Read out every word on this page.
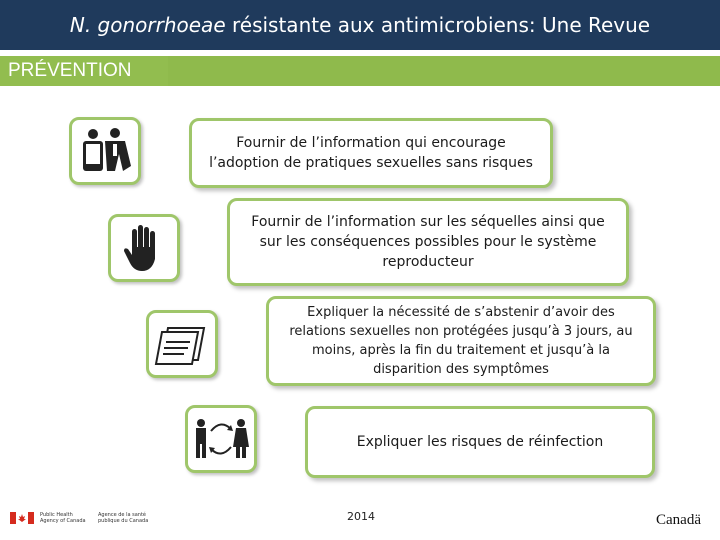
N. gonorrhoeae résistante aux antimicrobiens: Une Revue
PRÉVENTION
Fournir de l’information qui encourage l’adoption de pratiques sexuelles sans risques
Fournir de l’information sur les séquelles ainsi que sur les conséquences possibles pour le système reproducteur
Expliquer la nécessité de s’abstenir d’avoir des relations sexuelles non protégées jusqu’à 3 jours, au moins, après la fin du traitement et jusqu’à la disparition des symptômes
Expliquer les risques de réinfection
Public Health
Agency of Canada
Agence de la santé
publique du Canada	2014	Canadä
